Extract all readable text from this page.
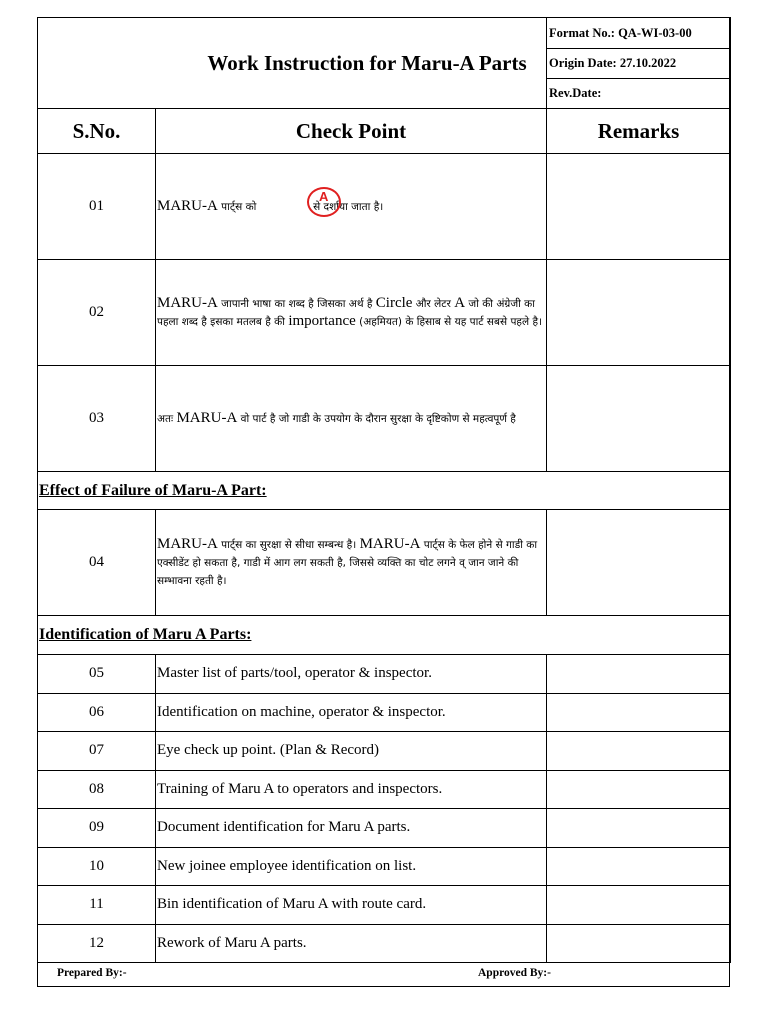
Work Instruction for Maru-A Parts		Format No.: QA-WI-03-00
		Origin Date: 27.10.2022
		Rev.Date:
S.No.	Check Point	Remarks
01	MARU-A पार्ट्स को से दर्शाया जाता है।	
02	MARU-A जापानी भाषा का शब्द है जिसका अर्थ है Circle और लेटर A जो की अंग्रेजी का पहला शब्द है इसका मतलब है की importance (अहमियत) के हिसाब से यह पार्ट सबसे पहले है।	
03	अतः MARU-A वो पार्ट है जो गाडी के उपयोग के दौरान सुरक्षा के दृष्टिकोण से महत्वपूर्ण है	
Effect of Failure of Maru-A Part:		
04	MARU-A पार्ट्स का सुरक्षा से सीधा सम्बन्ध है। MARU-A पार्ट्स के फेल होने से गाडी का एक्सीडेंट हो सकता है, गाडी में आग लग सकती है, जिससे व्यक्ति का चोट लगने व् जान जाने की सम्भावना रहती है।	
Identification of Maru A Parts:		
05	Master list of parts/tool, operator & inspector.	
06	Identification on machine, operator & inspector.	
07	Eye check up point. (Plan & Record)	
08	Training of Maru A to operators and inspectors.	
09	Document identification for Maru A parts.	
10	New joinee employee identification on list.	
11	Bin identification of Maru A with route card.	
12	Rework of Maru A parts.	
A
Prepared By:-	Approved By:-
